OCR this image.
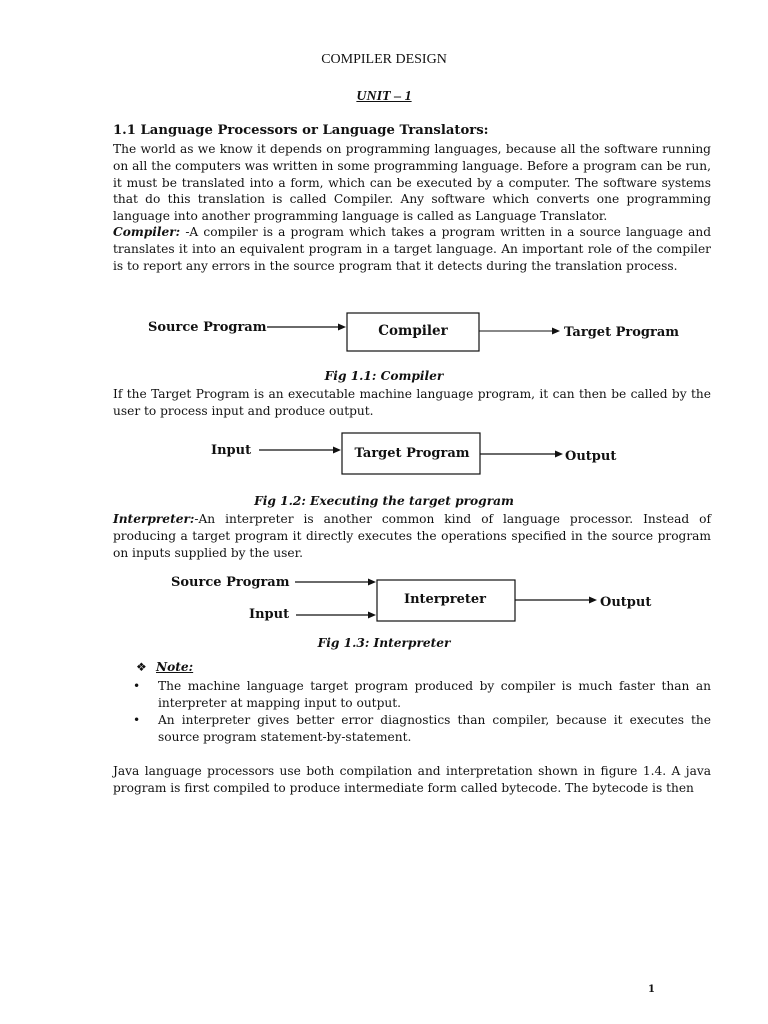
COMPILER DESIGN
UNIT – 1
1.1 Language Processors or Language Translators:
The world as we know it depends on programming languages, because all the software running on all the computers was written in some programming language. Before a program can be run, it must be translated into a form, which can be executed by a computer. The software systems that do this translation is called Compiler. Any software which converts one programming language into another programming language is called as Language Translator.
Compiler: -A compiler is a program which takes a program written in a source language and translates it into an equivalent program in a target language. An important role of the compiler is to report any errors in the source program that it detects during the translation process.
Source Program	Compiler	Target Program
Input	Target Program	Output
Source Program
Input
Interpreter	Output
Fig 1.1: Compiler
If the Target Program is an executable machine language program, it can then be called by the user to process input and produce output.
Fig 1.2: Executing the target program
Interpreter:-An interpreter is another common kind of language processor. Instead of producing a target program it directly executes the operations specified in the source program on inputs supplied by the user.
Fig 1.3: Interpreter
❖ Note:
• The machine language target program produced by compiler is much faster than an interpreter at mapping input to output.
• An interpreter gives better error diagnostics than compiler, because it executes the source program statement-by-statement.
Java language processors use both compilation and interpretation shown in figure 1.4. A java program is first compiled to produce intermediate form called bytecode. The bytecode is then
1
